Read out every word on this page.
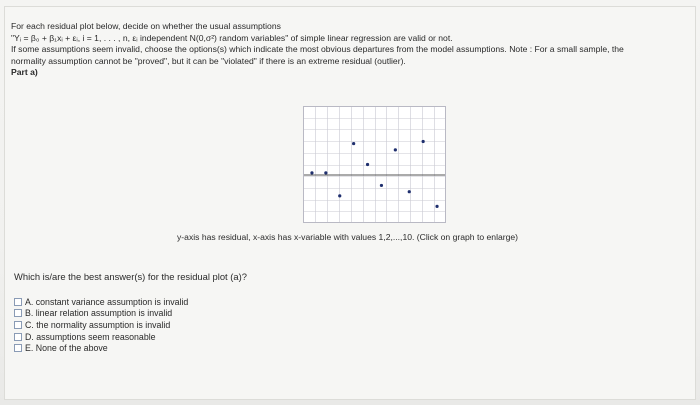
For each residual plot below, decide on whether the usual assumptions
"Yᵢ = β₀ + β₁xᵢ + εᵢ, i = 1, . . . , n, εᵢ independent N(0,σ²) random variables" of simple linear regression are valid or not.
If some assumptions seem invalid, choose the options(s) which indicate the most obvious departures from the model assumptions. Note : For a small sample, the
normality assumption cannot be "proved", but it can be "violated" if there is an extreme residual (outlier).
Part a)
y-axis has residual, x-axis has x-variable with values 1,2,...,10. (Click on graph to enlarge)
Which is/are the best answer(s) for the residual plot (a)?
A. constant variance assumption is invalid
B. linear relation assumption is invalid
C. the normality assumption is invalid
D. assumptions seem reasonable
E. None of the above
